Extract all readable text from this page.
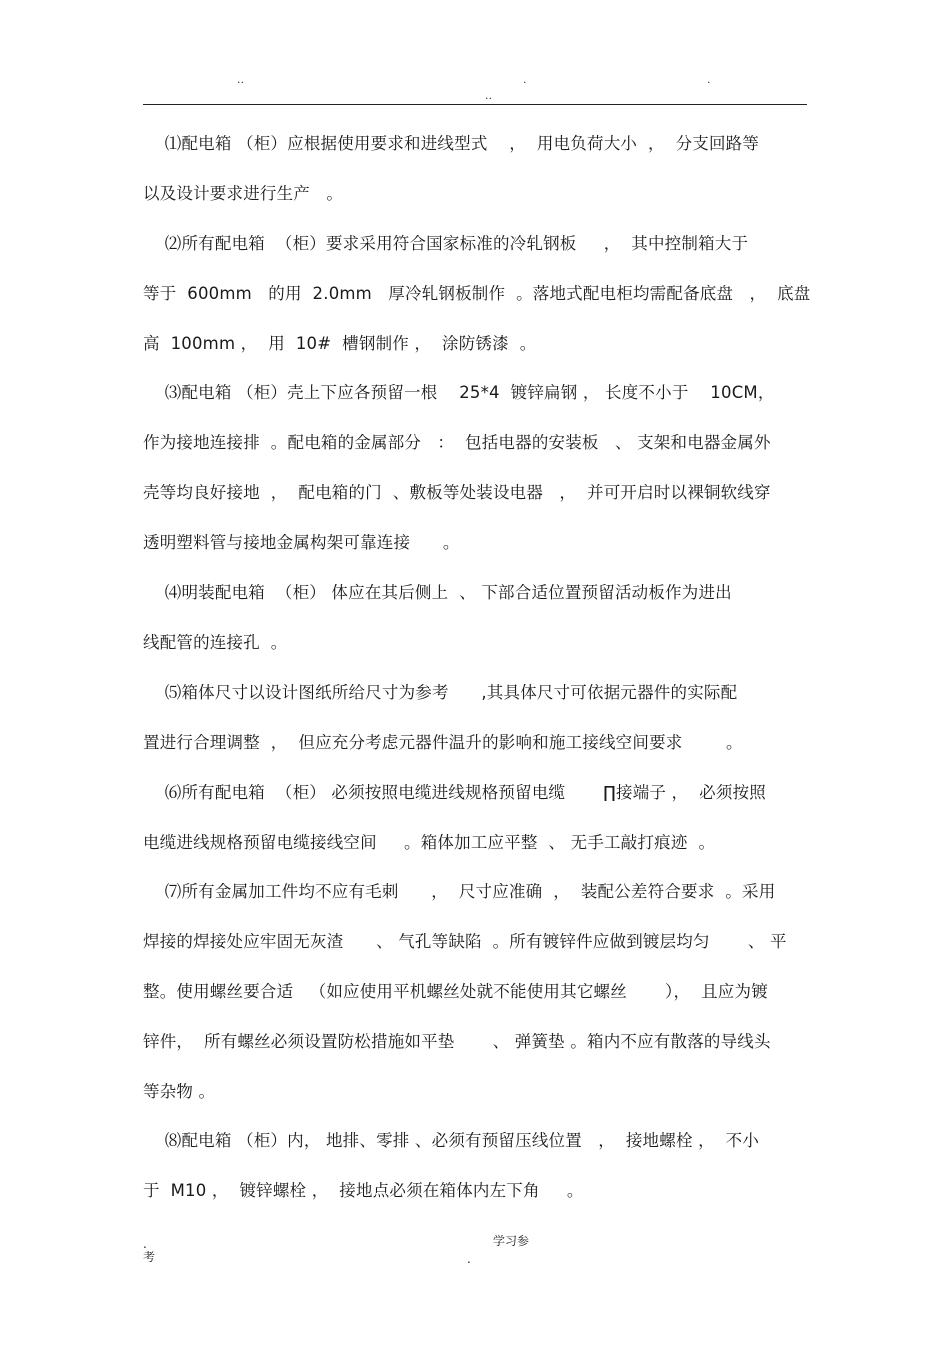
..	.	.
..
⑴配电箱 （柜）应根据使用要求和进线型式    ，  用电负荷大小  ，  分支回路等
以及设计要求进行生产   。
⑵所有配电箱  （柜）要求采用符合国家标准的冷轧钢板     ，  其中控制箱大于
等于  600mm   的用  2.0mm   厚冷轧钢板制作  。落地式配电柜均需配备底盘   ，  底盘
高  100mm ，  用  10#  槽钢制作 ，  涂防锈漆  。
⑶配电箱 （柜）壳上下应各预留一根    25*4  镀锌扁钢 ， 长度不小于    10CM，
作为接地连接排  。配电箱的金属部分   ：  包括电器的安装板   、 支架和电器金属外
壳等均良好接地  ，  配电箱的门  、敷板等处装设电器   ，  并可开启时以裸铜软线穿
透明塑料管与接地金属构架可靠连接      。
⑷明装配电箱  （柜） 体应在其后侧上  、 下部合适位置预留活动板作为进出
线配管的连接孔  。
⑸箱体尺寸以设计图纸所给尺寸为参考      ,其具体尺寸可依据元器件的实际配
置进行合理调整  ，  但应充分考虑元器件温升的影响和施工接线空间要求        。
⑹所有配电箱  （柜） 必须按照电缆进线规格预留电缆       ∏接端子 ，  必须按照
电缆进线规格预留电缆接线空间     。箱体加工应平整  、 无手工敲打痕迹  。
⑺所有金属加工件均不应有毛刺      ，  尺寸应准确  ，  装配公差符合要求  。采用
焊接的焊接处应牢固无灰渣      、 气孔等缺陷  。所有镀锌件应做到镀层均匀       、 平
整。使用螺丝要合适   （如应使用平机螺丝处就不能使用其它螺丝       ），  且应为镀
锌件，  所有螺丝必须设置防松措施如平垫       、 弹簧垫 。箱内不应有散落的导线头
等杂物 。
⑻配电箱 （柜）内， 地排、零排 、必须有预留压线位置   ，  接地螺栓 ，  不小
于  M10 ，  镀锌螺栓 ，  接地点必须在箱体内左下角     。
.
考
学习参
.
